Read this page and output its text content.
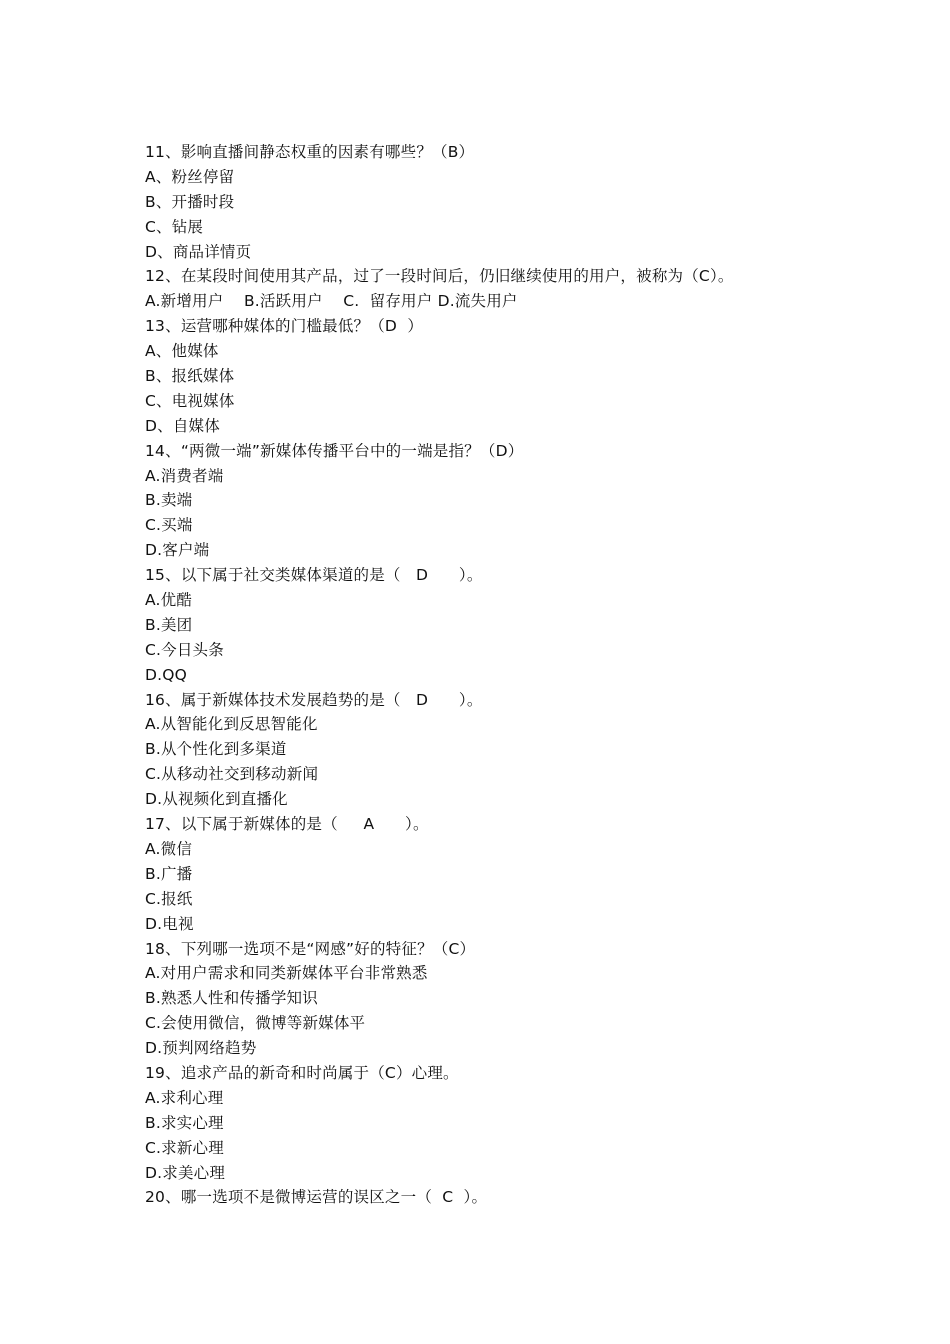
11、影响直播间静态权重的因素有哪些？（B）
A、粉丝停留
B、开播时段
C、钻展
D、商品详情页
12、在某段时间使用其产品，过了一段时间后，仍旧继续使用的用户，被称为（C）。
A.新增用户    B.活跃用户    C.  留存用户 D.流失用户
13、运营哪种媒体的门槛最低？（D  ）
A、他媒体
B、报纸媒体
C、电视媒体
D、自媒体
14、“两微一端”新媒体传播平台中的一端是指？（D）
A.消费者端
B.卖端
C.买端
D.客户端
15、以下属于社交类媒体渠道的是（   D      ）。
A.优酷
B.美团
C.今日头条
D.QQ
16、属于新媒体技术发展趋势的是（   D      ）。
A.从智能化到反思智能化
B.从个性化到多渠道
C.从移动社交到移动新闻
D.从视频化到直播化
17、以下属于新媒体的是（     A      ）。
A.微信
B.广播
C.报纸
D.电视
18、下列哪一选项不是“网感”好的特征？（C）
A.对用户需求和同类新媒体平台非常熟悉
B.熟悉人性和传播学知识
C.会使用微信，微博等新媒体平
D.预判网络趋势
19、追求产品的新奇和时尚属于（C）心理。
A.求利心理
B.求实心理
C.求新心理
D.求美心理
20、哪一选项不是微博运营的误区之一（  C  ）。
